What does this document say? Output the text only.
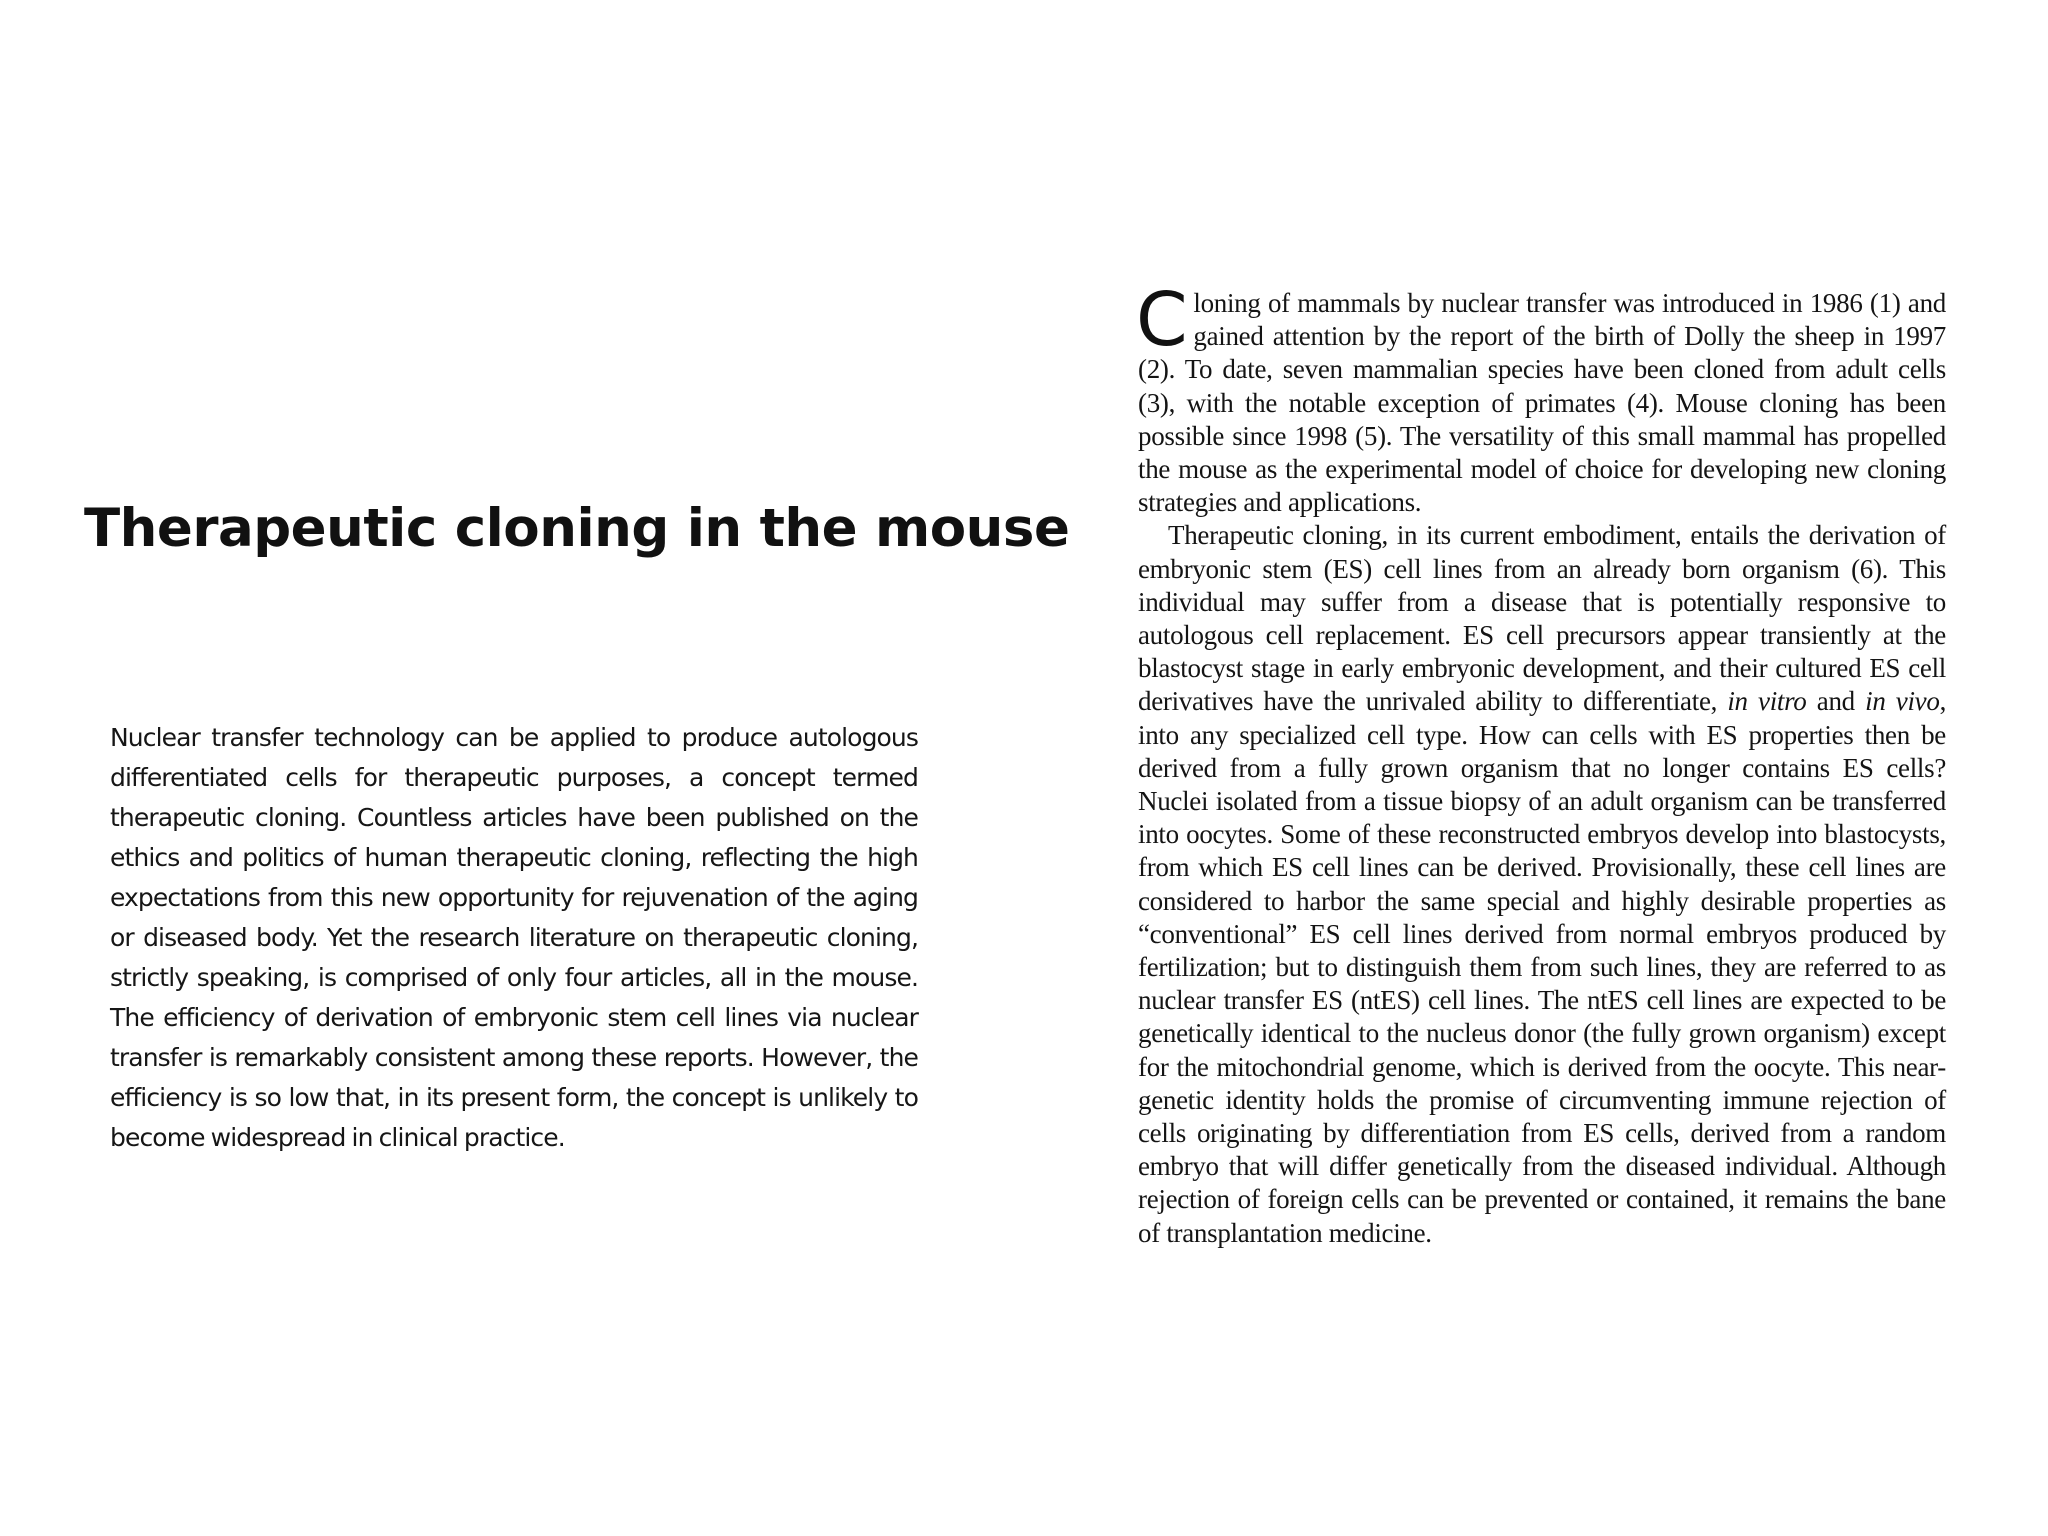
Therapeutic cloning in the mouse

Nuclear transfer technology can be applied to produce autologous differentiated cells for therapeutic purposes, a concept termed therapeutic cloning. Countless articles have been published on the ethics and politics of human therapeutic cloning, reflecting the high expectations from this new opportunity for rejuvenation of the aging or diseased body. Yet the research literature on therapeutic cloning, strictly speaking, is comprised of only four articles, all in the mouse. The efficiency of derivation of embryonic stem cell lines via nuclear transfer is remarkably consistent among these reports. However, the efficiency is so low that, in its present form, the concept is unlikely to become widespread in clinical practice.

Cloning of mammals by nuclear transfer was introduced in 1986 (1) and gained attention by the report of the birth of Dolly the sheep in 1997 (2). To date, seven mammalian species have been cloned from adult cells (3), with the notable exception of primates (4). Mouse cloning has been possible since 1998 (5). The versatility of this small mammal has propelled the mouse as the experimental model of choice for developing new cloning strategies and applications.

Therapeutic cloning, in its current embodiment, entails the derivation of embryonic stem (ES) cell lines from an already born organism (6). This individual may suffer from a disease that is potentially responsive to autologous cell replacement. ES cell precursors appear transiently at the blastocyst stage in early embryonic development, and their cultured ES cell derivatives have the unrivaled ability to differentiate, in vitro and in vivo, into any specialized cell type. How can cells with ES properties then be derived from a fully grown organism that no longer contains ES cells? Nuclei isolated from a tissue biopsy of an adult organism can be transferred into oocytes. Some of these reconstructed embryos develop into blastocysts, from which ES cell lines can be derived. Provisionally, these cell lines are considered to harbor the same special and highly desirable properties as “conventional” ES cell lines derived from normal embryos produced by fertilization; but to distinguish them from such lines, they are referred to as nuclear transfer ES (ntES) cell lines. The ntES cell lines are expected to be genetically identical to the nucleus donor (the fully grown organism) except for the mitochondrial genome, which is derived from the oocyte. This near-genetic identity holds the promise of circumventing immune rejection of cells originating by differentiation from ES cells, derived from a random embryo that will differ genetically from the diseased individual. Although rejection of foreign cells can be prevented or contained, it remains the bane of transplantation medicine.
